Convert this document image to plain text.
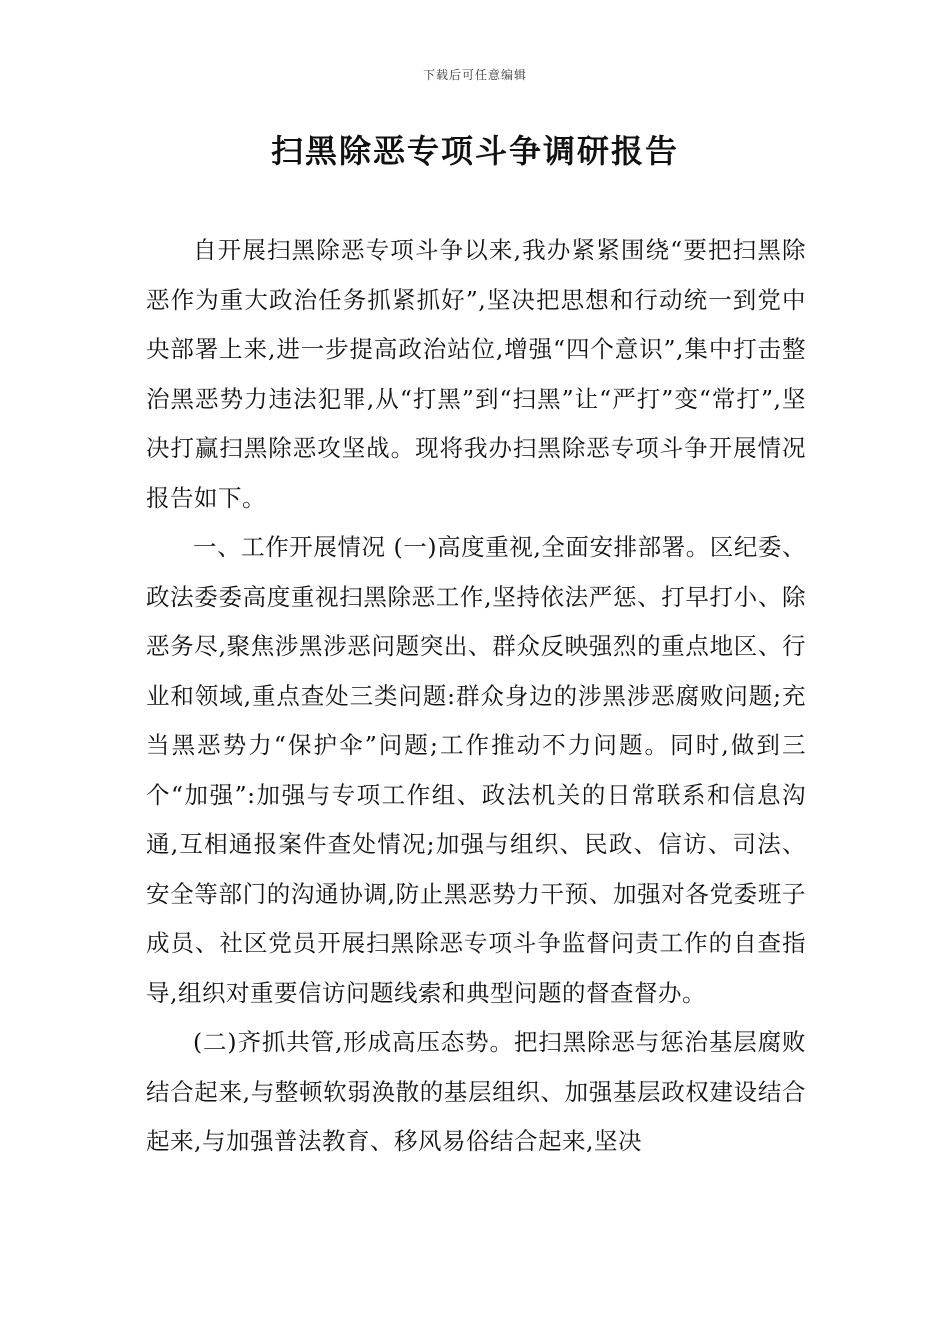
下载后可任意编辑
扫黑除恶专项斗争调研报告

自开展扫黑除恶专项斗争以来,我办紧紧围绕“要把扫黑除恶作为重大政治任务抓紧抓好”,坚决把思想和行动统一到党中央部署上来,进一步提高政治站位,增强“四个意识”,集中打击整治黑恶势力违法犯罪,从“打黑”到“扫黑”让“严打”变“常打”,坚决打赢扫黑除恶攻坚战。现将我办扫黑除恶专项斗争开展情况报告如下。

一、工作开展情况 (一)高度重视,全面安排部署。区纪委、政法委委高度重视扫黑除恶工作,坚持依法严惩、打早打小、除恶务尽,聚焦涉黑涉恶问题突出、群众反映强烈的重点地区、行业和领域,重点查处三类问题:群众身边的涉黑涉恶腐败问题;充当黑恶势力“保护伞”问题;工作推动不力问题。同时,做到三个“加强”:加强与专项工作组、政法机关的日常联系和信息沟通,互相通报案件查处情况;加强与组织、民政、信访、司法、安全等部门的沟通协调,防止黑恶势力干预、加强对各党委班子成员、社区党员开展扫黑除恶专项斗争监督问责工作的自查指导,组织对重要信访问题线索和典型问题的督查督办。

(二)齐抓共管,形成高压态势。把扫黑除恶与惩治基层腐败结合起来,与整顿软弱涣散的基层组织、加强基层政权建设结合起来,与加强普法教育、移风易俗结合起来,坚决
